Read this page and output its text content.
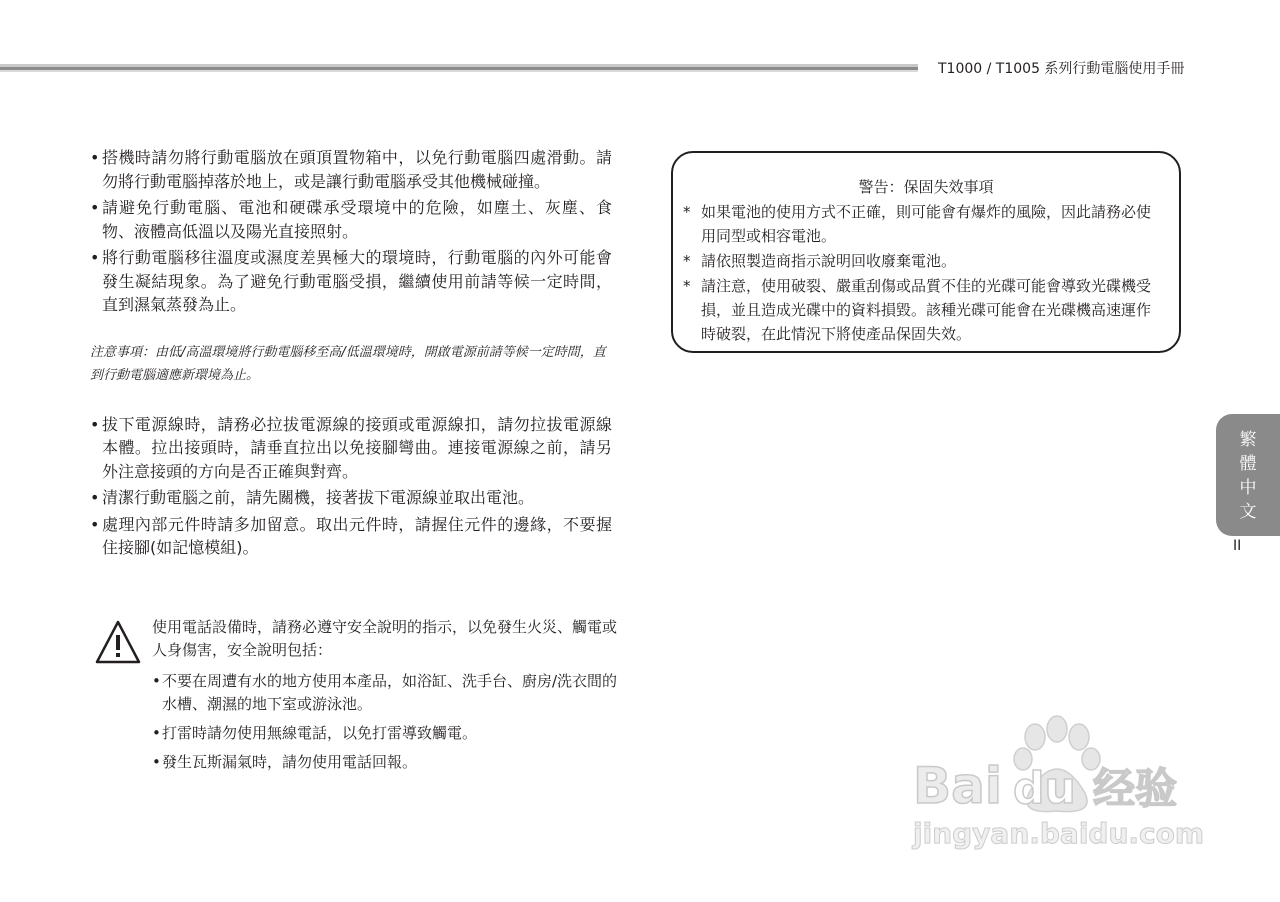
T1000 / T1005 系列行動電腦使用手冊
• 搭機時請勿將行動電腦放在頭頂置物箱中，以免行動電腦四處滑動。請勿將行動電腦掉落於地上，或是讓行動電腦承受其他機械碰撞。
• 請避免行動電腦、電池和硬碟承受環境中的危險，如塵土、灰塵、食物、液體高低溫以及陽光直接照射。
• 將行動電腦移往溫度或濕度差異極大的環境時，行動電腦的內外可能會發生凝結現象。為了避免行動電腦受損，繼續使用前請等候一定時間，直到濕氣蒸發為止。
注意事項：由低/高溫環境將行動電腦移至高/低溫環境時，開啟電源前請等候一定時間，直到行動電腦適應新環境為止。
• 拔下電源線時，請務必拉拔電源線的接頭或電源線扣，請勿拉拔電源線本體。拉出接頭時，請垂直拉出以免接腳彎曲。連接電源線之前，請另外注意接頭的方向是否正確與對齊。
• 清潔行動電腦之前，請先關機，接著拔下電源線並取出電池。
• 處理內部元件時請多加留意。取出元件時，請握住元件的邊緣，不要握住接腳(如記憶模組)。
使用電話設備時，請務必遵守安全說明的指示，以免發生火災、觸電或人身傷害，安全說明包括：
• 不要在周遭有水的地方使用本產品，如浴缸、洗手台、廚房/洗衣間的水槽、潮濕的地下室或游泳池。
• 打雷時請勿使用無線電話，以免打雷導致觸電。
• 發生瓦斯漏氣時，請勿使用電話回報。
警告：保固失效事項
* 如果電池的使用方式不正確，則可能會有爆炸的風險，因此請務必使用同型或相容電池。
* 請依照製造商指示說明回收廢棄電池。
* 請注意，使用破裂、嚴重刮傷或品質不佳的光碟可能會導致光碟機受損，並且造成光碟中的資料損毀。該種光碟可能會在光碟機高速運作時破裂，在此情況下將使產品保固失效。
繁
體
中
文
II
Bai du 经验
jingyan.baidu.com
